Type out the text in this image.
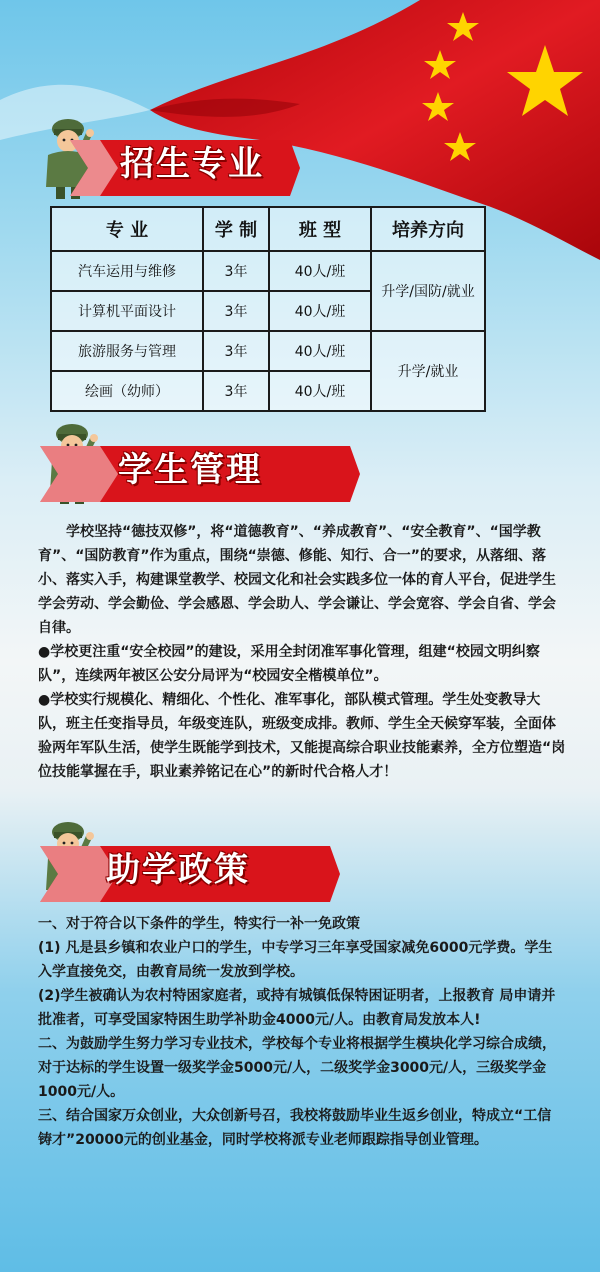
招生专业
专 业	学 制	班 型	培养方向
汽车运用与维修	3年	40人/班	升学/国防/就业
计算机平面设计	3年	40人/班	
旅游服务与管理	3年	40人/班	升学/就业
绘画（幼师）	3年	40人/班	
学生管理

学校坚持“德技双修”，将“道德教育”、“养成教育”、“安全教育”、“国学教育”、“国防教育”作为重点，围绕“崇德、修能、知行、合一”的要求，从落细、落小、落实入手，构建课堂教学、校园文化和社会实践多位一体的育人平台，促进学生学会劳动、学会勤俭、学会感恩、学会助人、学会谦让、学会宽容、学会自省、学会自律。

●学校更注重“安全校园”的建设，采用全封闭准军事化管理，组建“校园文明纠察队”，连续两年被区公安分局评为“校园安全楷模单位”。

●学校实行规模化、精细化、个性化、准军事化，部队模式管理。学生处变教导大队，班主任变指导员，年级变连队，班级变成排。教师、学生全天候穿军装，全面体验两年军队生活，使学生既能学到技术，又能提高综合职业技能素养，全方位塑造“岗位技能掌握在手，职业素养铭记在心”的新时代合格人才！

助学政策

一、对于符合以下条件的学生，特实行一补一免政策

(1) 凡是县乡镇和农业户口的学生，中专学习三年享受国家减免6000元学费。学生入学直接免交，由教育局统一发放到学校。

(2)学生被确认为农村特困家庭者，或持有城镇低保特困证明者，上报教育 局申请并批准者，可享受国家特困生助学补助金4000元/人。由教育局发放本人!

二、为鼓励学生努力学习专业技术，学校每个专业将根据学生模块化学习综合成绩，对于达标的学生设置一级奖学金5000元/人，二级奖学金3000元/人，三级奖学金1000元/人。

三、结合国家万众创业，大众创新号召，我校将鼓励毕业生返乡创业，特成立“工信铸才”20000元的创业基金，同时学校将派专业老师跟踪指导创业管理。
